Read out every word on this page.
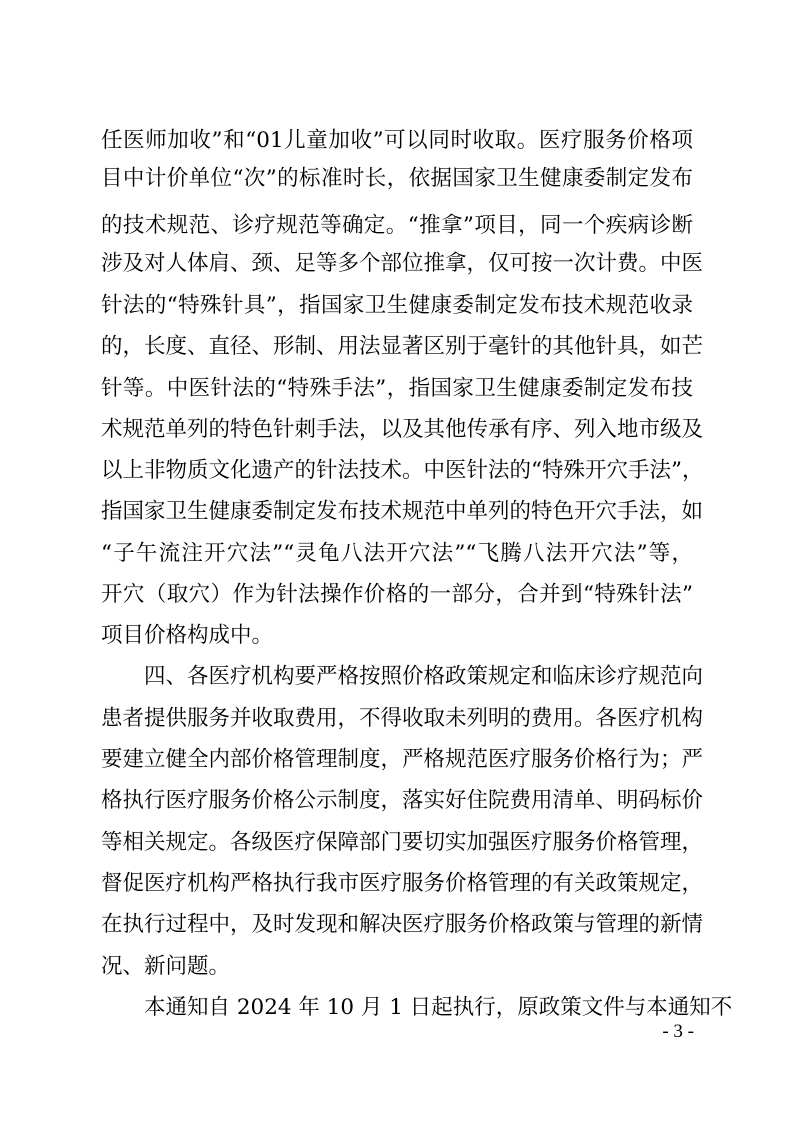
任医师加收”和“01儿童加收”可以同时收取。医疗服务价格项
目中计价单位“次”的标准时长，依据国家卫生健康委制定发布
的技术规范、诊疗规范等确定。“推拿”项目，同一个疾病诊断
涉及对人体肩、颈、足等多个部位推拿，仅可按一次计费。中医
针法的“特殊针具”，指国家卫生健康委制定发布技术规范收录
的，长度、直径、形制、用法显著区别于毫针的其他针具，如芒
针等。中医针法的“特殊手法”，指国家卫生健康委制定发布技
术规范单列的特色针刺手法，以及其他传承有序、列入地市级及
以上非物质文化遗产的针法技术。中医针法的“特殊开穴手法”，
指国家卫生健康委制定发布技术规范中单列的特色开穴手法，如
“子午流注开穴法”“灵龟八法开穴法”“飞腾八法开穴法”等，
开穴（取穴）作为针法操作价格的一部分，合并到“特殊针法”
项目价格构成中。
四、各医疗机构要严格按照价格政策规定和临床诊疗规范向
患者提供服务并收取费用，不得收取未列明的费用。各医疗机构
要建立健全内部价格管理制度，严格规范医疗服务价格行为；严
格执行医疗服务价格公示制度，落实好住院费用清单、明码标价
等相关规定。各级医疗保障部门要切实加强医疗服务价格管理，
督促医疗机构严格执行我市医疗服务价格管理的有关政策规定，
在执行过程中，及时发现和解决医疗服务价格政策与管理的新情
况、新问题。
本通知自 2024 年 10 月 1 日起执行，原政策文件与本通知不
- 3 -
